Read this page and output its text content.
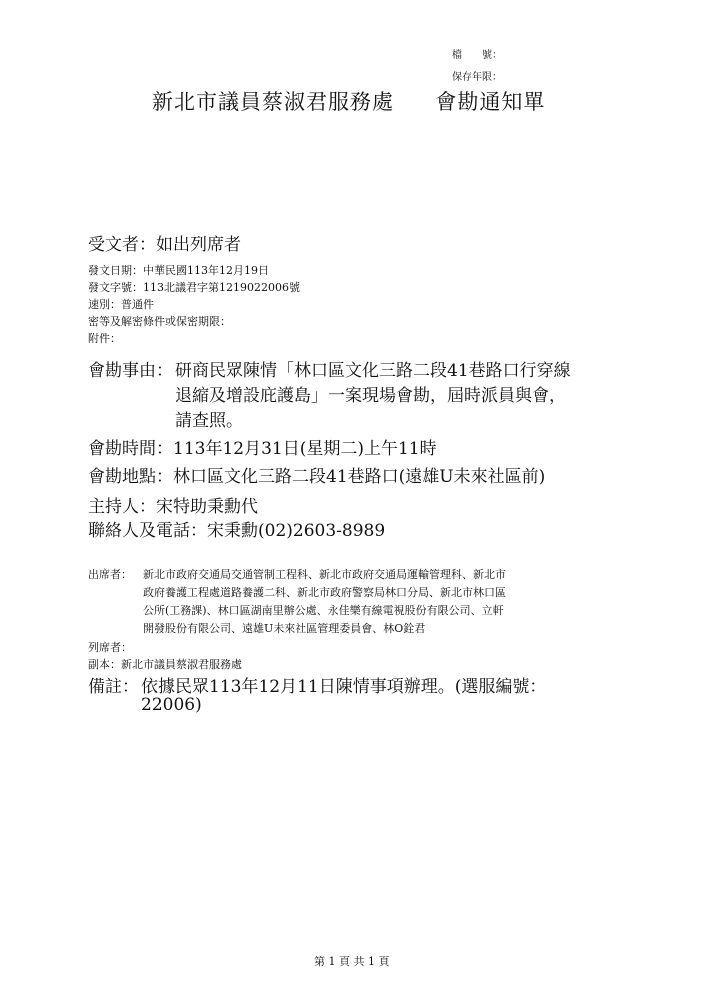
檔　　號：
保存年限：
新北市議員蔡淑君服務處 會勘通知單
受文者：如出列席者
發文日期：中華民國113年12月19日
發文字號：113北議君字第1219022006號
速別：普通件
密等及解密條件或保密期限：
附件：
會勘事由： 研商民眾陳情「林口區文化三路二段41巷路口行穿線
退縮及增設庇護島」一案現場會勘，屆時派員與會，
請查照。
會勘時間：113年12月31日(星期二)上午11時
會勘地點：林口區文化三路二段41巷路口(遠雄U未來社區前)
主持人：宋特助秉勳代
聯絡人及電話：宋秉勳(02)2603-8989
出席者： 新北市政府交通局交通管制工程科、新北市政府交通局運輸管理科、新北市
政府養護工程處道路養護二科、新北市政府警察局林口分局、新北市林口區
公所(工務課)、林口區湖南里辦公處、永佳樂有線電視股份有限公司、立軒
開發股份有限公司、遠雄U未來社區管理委員會、林O銓君
列席者：
副本：新北市議員蔡淑君服務處
備註： 依據民眾113年12月11日陳情事項辦理。(選服編號：
22006)
第 1 頁 共 1 頁
